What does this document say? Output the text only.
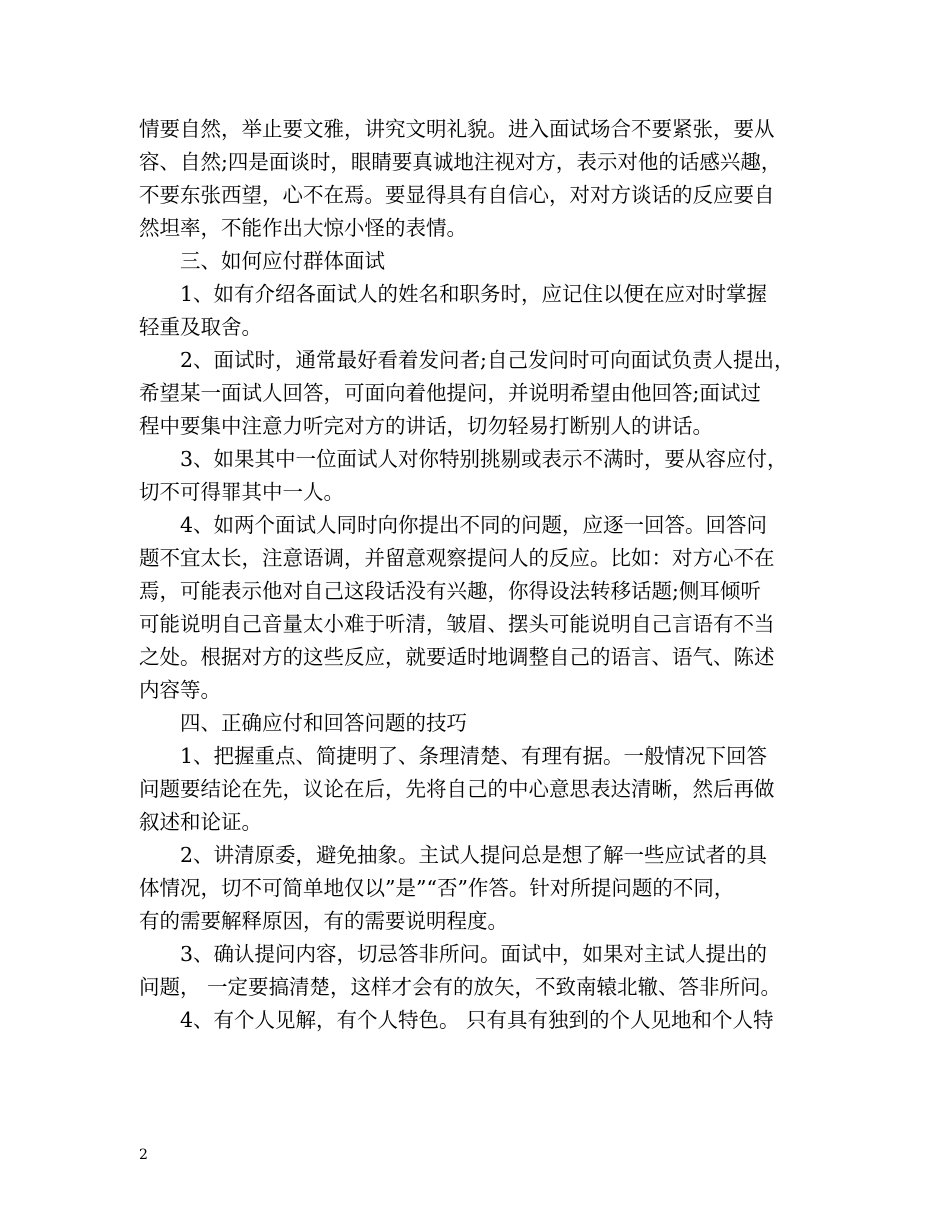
情要自然，举止要文雅，讲究文明礼貌。进入面试场合不要紧张，要从
容、自然;四是面谈时，眼睛要真诚地注视对方，表示对他的话感兴趣，
不要东张西望，心不在焉。要显得具有自信心，对对方谈话的反应要自
然坦率，不能作出大惊小怪的表情。
　　三、如何应付群体面试
　　1、如有介绍各面试人的姓名和职务时，应记住以便在应对时掌握
轻重及取舍。
　　2、面试时，通常最好看着发问者;自己发问时可向面试负责人提出，
希望某一面试人回答，可面向着他提问，并说明希望由他回答;面试过
程中要集中注意力听完对方的讲话，切勿轻易打断别人的讲话。
　　3、如果其中一位面试人对你特别挑剔或表示不满时，要从容应付，
切不可得罪其中一人。
　　4、如两个面试人同时向你提出不同的问题，应逐一回答。回答问
题不宜太长，注意语调，并留意观察提问人的反应。比如：对方心不在
焉，可能表示他对自己这段话没有兴趣，你得设法转移话题;侧耳倾听
可能说明自己音量太小难于听清，皱眉、摆头可能说明自己言语有不当
之处。根据对方的这些反应，就要适时地调整自己的语言、语气、陈述
内容等。
　　四、正确应付和回答问题的技巧
　　1、把握重点、简捷明了、条理清楚、有理有据。一般情况下回答
问题要结论在先，议论在后，先将自己的中心意思表达清晰，然后再做
叙述和论证。
　　2、讲清原委，避免抽象。主试人提问总是想了解一些应试者的具
体情况，切不可简单地仅以”是”“否”作答。针对所提问题的不同，
有的需要解释原因，有的需要说明程度。
　　3、确认提问内容，切忌答非所问。面试中，如果对主试人提出的
问题， 一定要搞清楚，这样才会有的放矢，不致南辕北辙、答非所问。
　　4、有个人见解，有个人特色。 只有具有独到的个人见地和个人特
2
